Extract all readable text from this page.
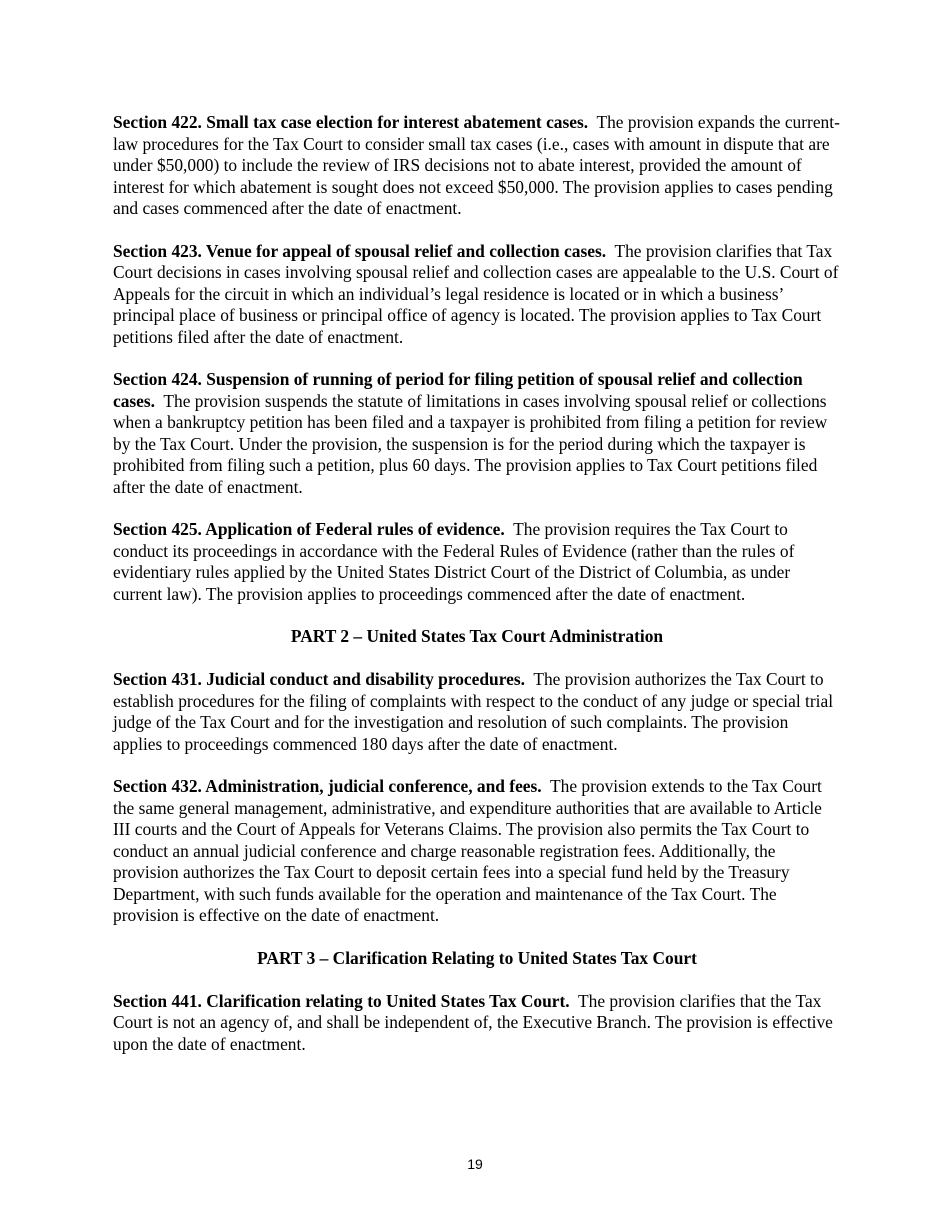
Section 422. Small tax case election for interest abatement cases. The provision expands the current-law procedures for the Tax Court to consider small tax cases (i.e., cases with amount in dispute that are under $50,000) to include the review of IRS decisions not to abate interest, provided the amount of interest for which abatement is sought does not exceed $50,000. The provision applies to cases pending and cases commenced after the date of enactment.

Section 423. Venue for appeal of spousal relief and collection cases. The provision clarifies that Tax Court decisions in cases involving spousal relief and collection cases are appealable to the U.S. Court of Appeals for the circuit in which an individual’s legal residence is located or in which a business’ principal place of business or principal office of agency is located. The provision applies to Tax Court petitions filed after the date of enactment.

Section 424. Suspension of running of period for filing petition of spousal relief and collection cases. The provision suspends the statute of limitations in cases involving spousal relief or collections when a bankruptcy petition has been filed and a taxpayer is prohibited from filing a petition for review by the Tax Court. Under the provision, the suspension is for the period during which the taxpayer is prohibited from filing such a petition, plus 60 days. The provision applies to Tax Court petitions filed after the date of enactment.

Section 425. Application of Federal rules of evidence. The provision requires the Tax Court to conduct its proceedings in accordance with the Federal Rules of Evidence (rather than the rules of evidentiary rules applied by the United States District Court of the District of Columbia, as under current law). The provision applies to proceedings commenced after the date of enactment.

PART 2 – United States Tax Court Administration

Section 431. Judicial conduct and disability procedures. The provision authorizes the Tax Court to establish procedures for the filing of complaints with respect to the conduct of any judge or special trial judge of the Tax Court and for the investigation and resolution of such complaints. The provision applies to proceedings commenced 180 days after the date of enactment.

Section 432. Administration, judicial conference, and fees. The provision extends to the Tax Court the same general management, administrative, and expenditure authorities that are available to Article III courts and the Court of Appeals for Veterans Claims. The provision also permits the Tax Court to conduct an annual judicial conference and charge reasonable registration fees. Additionally, the provision authorizes the Tax Court to deposit certain fees into a special fund held by the Treasury Department, with such funds available for the operation and maintenance of the Tax Court. The provision is effective on the date of enactment.

PART 3 – Clarification Relating to United States Tax Court

Section 441. Clarification relating to United States Tax Court. The provision clarifies that the Tax Court is not an agency of, and shall be independent of, the Executive Branch. The provision is effective upon the date of enactment.

19
